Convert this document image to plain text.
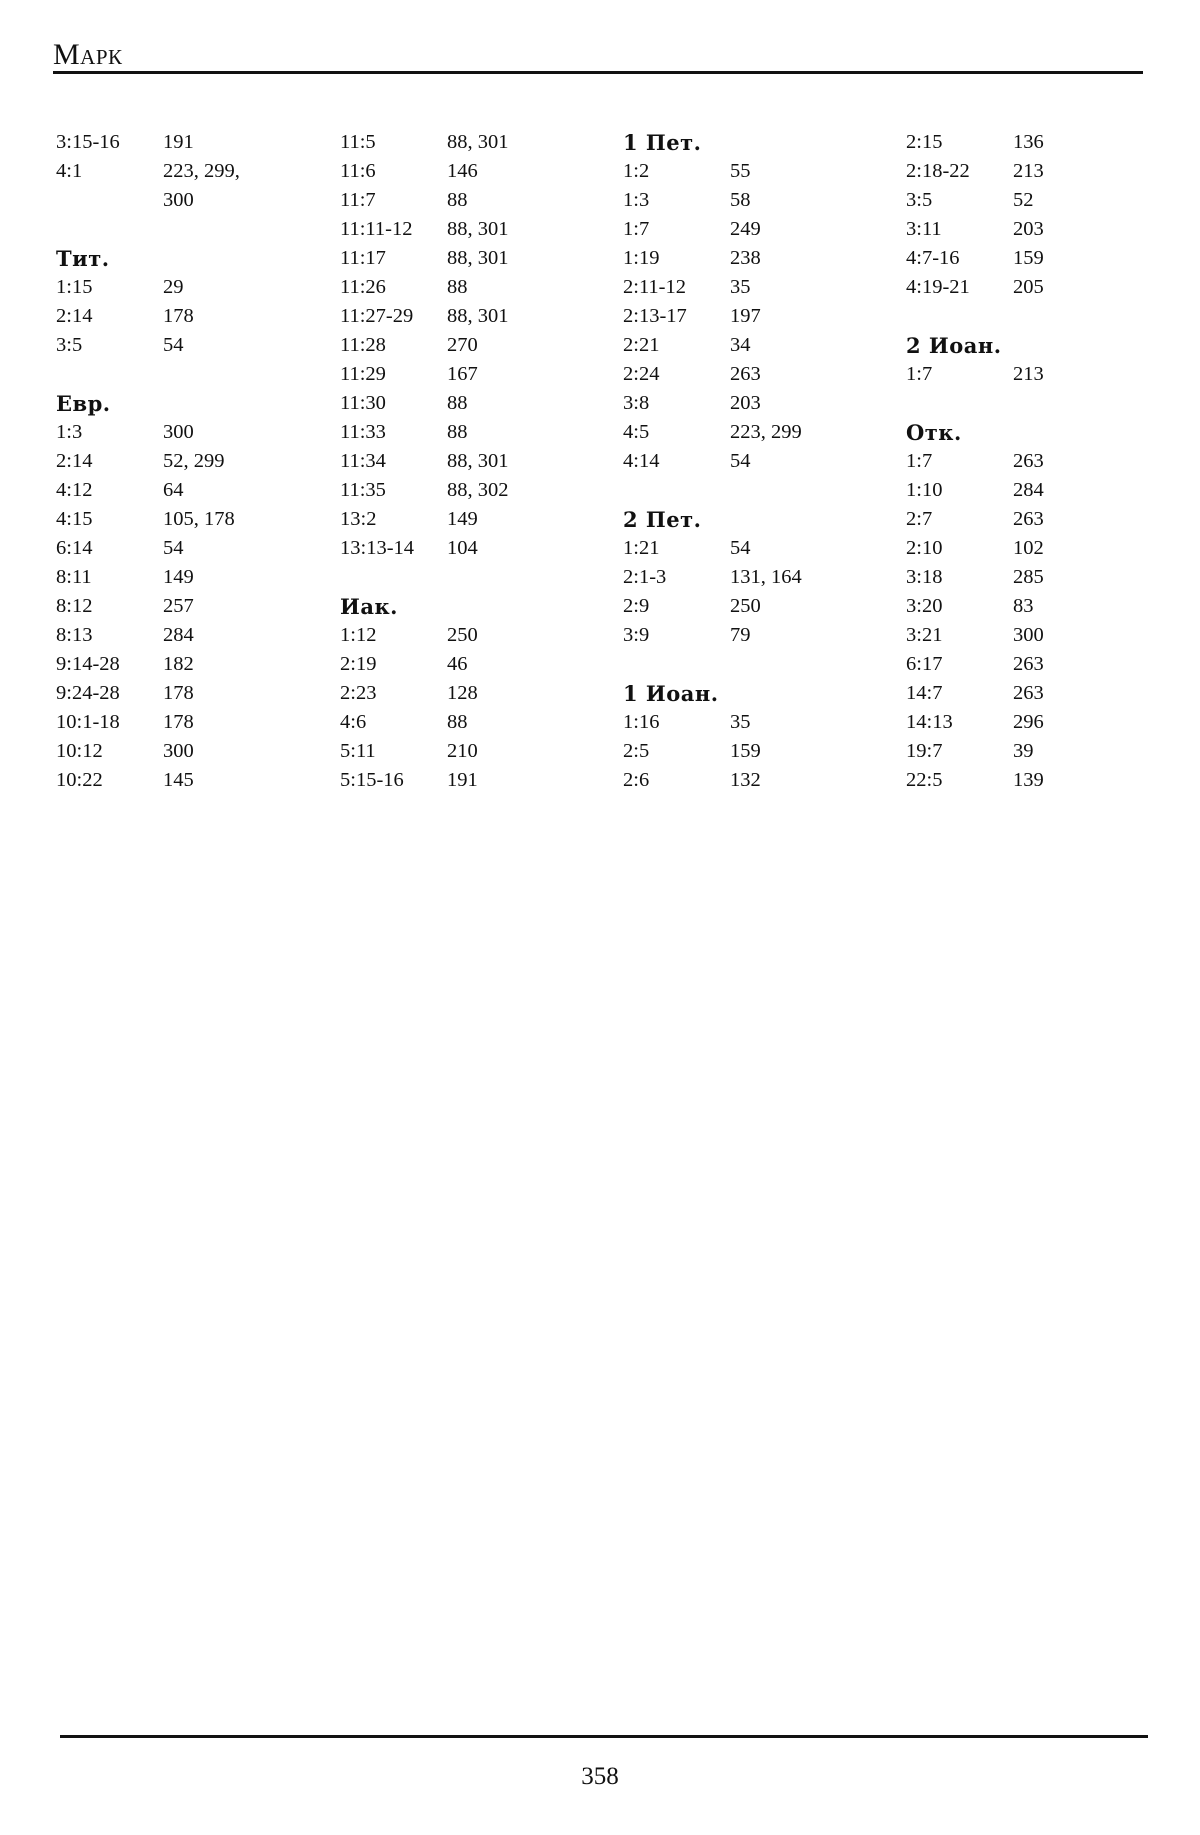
Марк
3:15-16	191
4:1	223, 299,
300
Тит.
1:15	29
2:14	178
3:5	54
Евр.
1:3	300
2:14	52, 299
4:12	64
4:15	105, 178
6:14	54
8:11	149
8:12	257
8:13	284
9:14-28	182
9:24-28	178
10:1-18	178
10:12	300
10:22	145
11:5	88, 301
11:6	146
11:7	88
11:11-12	88, 301
11:17	88, 301
11:26	88
11:27-29	88, 301
11:28	270
11:29	167
11:30	88
11:33	88
11:34	88, 301
11:35	88, 302
13:2	149
13:13-14	104
Иак.
1:12	250
2:19	46
2:23	128
4:6	88
5:11	210
5:15-16	191
1 Пет.
1:2	55
1:3	58
1:7	249
1:19	238
2:11-12	35
2:13-17	197
2:21	34
2:24	263
3:8	203
4:5	223, 299
4:14	54
2 Пет.
1:21	54
2:1-3	131, 164
2:9	250
3:9	79
1 Иоан.
1:16	35
2:5	159
2:6	132
2:15	136
2:18-22	213
3:5	52
3:11	203
4:7-16	159
4:19-21	205
2 Иоан.
1:7	213
Отк.
1:7	263
1:10	284
2:7	263
2:10	102
3:18	285
3:20	83
3:21	300
6:17	263
14:7	263
14:13	296
19:7	39
22:5	139
358
